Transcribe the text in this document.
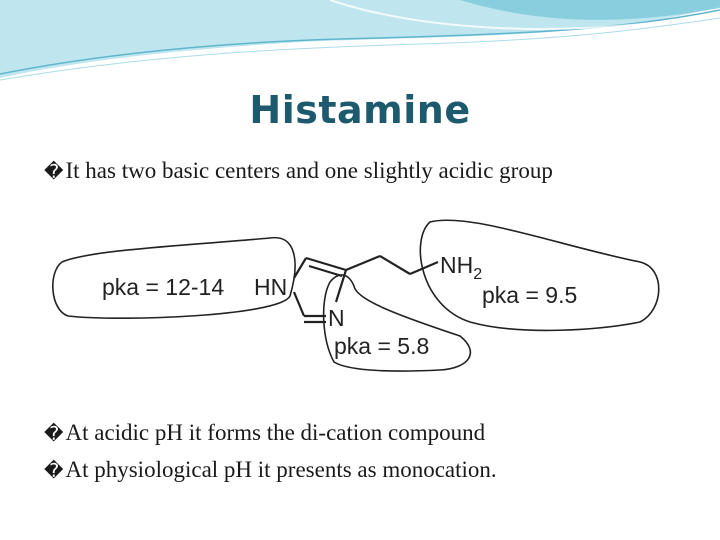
Histamine
�It has two basic centers and one slightly acidic group
HN
N
$NH_2$
pka = 12-14	pka = 9.5
pka = 5.8
�At acidic pH it forms the di-cation compound
�At physiological pH it presents as monocation.
